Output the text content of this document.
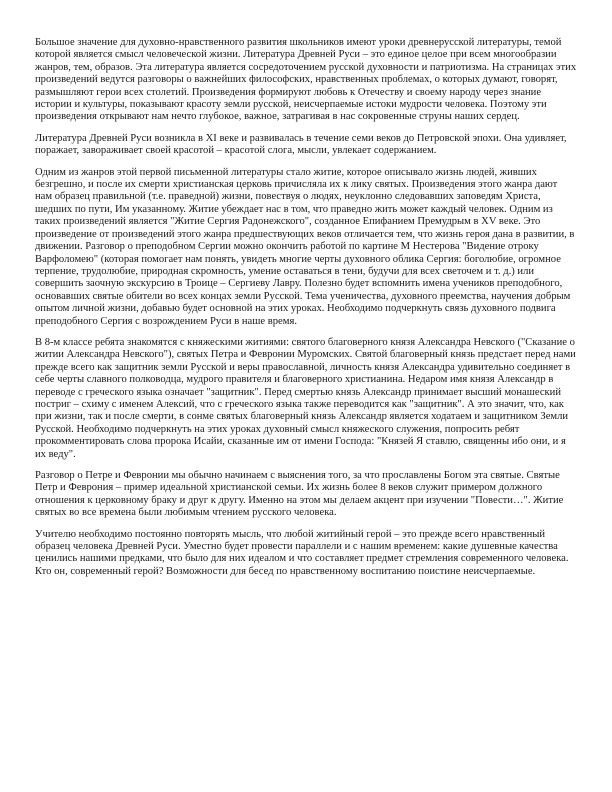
Большое значение для духовно-нравственного развития школьников имеют уроки древнерусской литературы, темой которой является смысл человеческой жизни. Литература Древней Руси – это единое целое при всем многообразии жанров, тем, образов. Эта литература является сосредоточением русской духовности и патриотизма. На страницах этих произведений ведутся разговоры о важнейших философских, нравственных проблемах, о которых думают, говорят, размышляют герои всех столетий. Произведения формируют любовь к Отечеству и своему народу через знание истории и культуры, показывают красоту земли русской, неисчерпаемые истоки мудрости человека. Поэтому эти произведения открывают нам нечто глубокое, важное, затрагивая в нас сокровенные струны наших сердец.

Литература Древней Руси возникла в XI веке и развивалась в течение семи веков до Петровской эпохи. Она удивляет, поражает, завораживает своей красотой – красотой слога, мысли, увлекает содержанием.

Одним из жанров этой первой письменной литературы стало житие, которое описывало жизнь людей, живших безгрешно, и после их смерти христианская церковь причисляла их к лику святых. Произведения этого жанра дают нам образец правильной (т.е. праведной) жизни, повествуя о людях, неуклонно следовавших заповедям Христа, шедших по пути, Им указанному. Житие убеждает нас в том, что праведно жить может каждый человек. Одним из таких произведений является "Житие Сергия Радонежского", созданное Епифанием Премудрым в XV веке. Это произведение от произведений этого жанра предшествующих веков отличается тем, что жизнь героя дана в развитии, в движении. Разговор о преподобном Сергии можно окончить работой по картине М Нестерова "Видение отроку Варфоломею" (которая помогает нам понять, увидеть многие черты духовного облика Сергия: боголюбие, огромное терпение, трудолюбие, природная скромность, умение оставаться в тени, будучи для всех светочем и т. д.) или совершить заочную экскурсию в Троице – Сергиеву Лавру. Полезно будет вспомнить имена учеников преподобного, основавших святые обители во всех концах земли Русской. Тема ученичества, духовного преемства, научения добрым опытом личной жизни, добавью будет основной на этих уроках. Необходимо подчеркнуть связь духовного подвига преподобного Сергия с возрождением Руси в наше время.

В 8-м классе ребята знакомятся с княжескими житиями: святого благоверного князя Александра Невского ("Сказание о житии Александра Невского"), святых Петра и Февронии Муромских. Святой благоверный князь предстает перед нами прежде всего как защитник земли Русской и веры православной, личность князя Александра удивительно соединяет в себе черты славного полководца, мудрого правителя и благоверного христианина. Недаром имя князя Александр в переводе с греческого языка означает "защитник". Перед смертью князь Александр принимает высший монашеский постриг – схиму с именем Алексий, что с греческого языка также переводится как "защитник". А это значит, что, как при жизни, так и после смерти, в сонме святых благоверный князь Александр является ходатаем и защитником Земли Русской. Необходимо подчеркнуть на этих уроках духовный смысл княжеского служения, попросить ребят прокомментировать слова пророка Исайи, сказанные им от имени Господа: "Князей Я ставлю, священны ибо они, и я их веду".

Разговор о Петре и Февронии мы обычно начинаем с выяснения того, за что прославлены Богом эта святые. Святые Петр и Феврония – пример идеальной христианской семьи. Их жизнь более 8 веков служит примером должного отношения к церковному браку и друг к другу. Именно на этом мы делаем акцент при изучении "Повести…". Житие святых во все времена были любимым чтением русского человека.

Учителю необходимо постоянно повторять мысль, что любой житийный герой – это прежде всего нравственный образец человека Древней Руси. Уместно будет провести параллели и с нашим временем: какие душевные качества ценились нашими предками, что было для них идеалом и что составляет предмет стремления современного человека. Кто он, современный герой? Возможности для бесед по нравственному воспитанию поистине неисчерпаемые.
